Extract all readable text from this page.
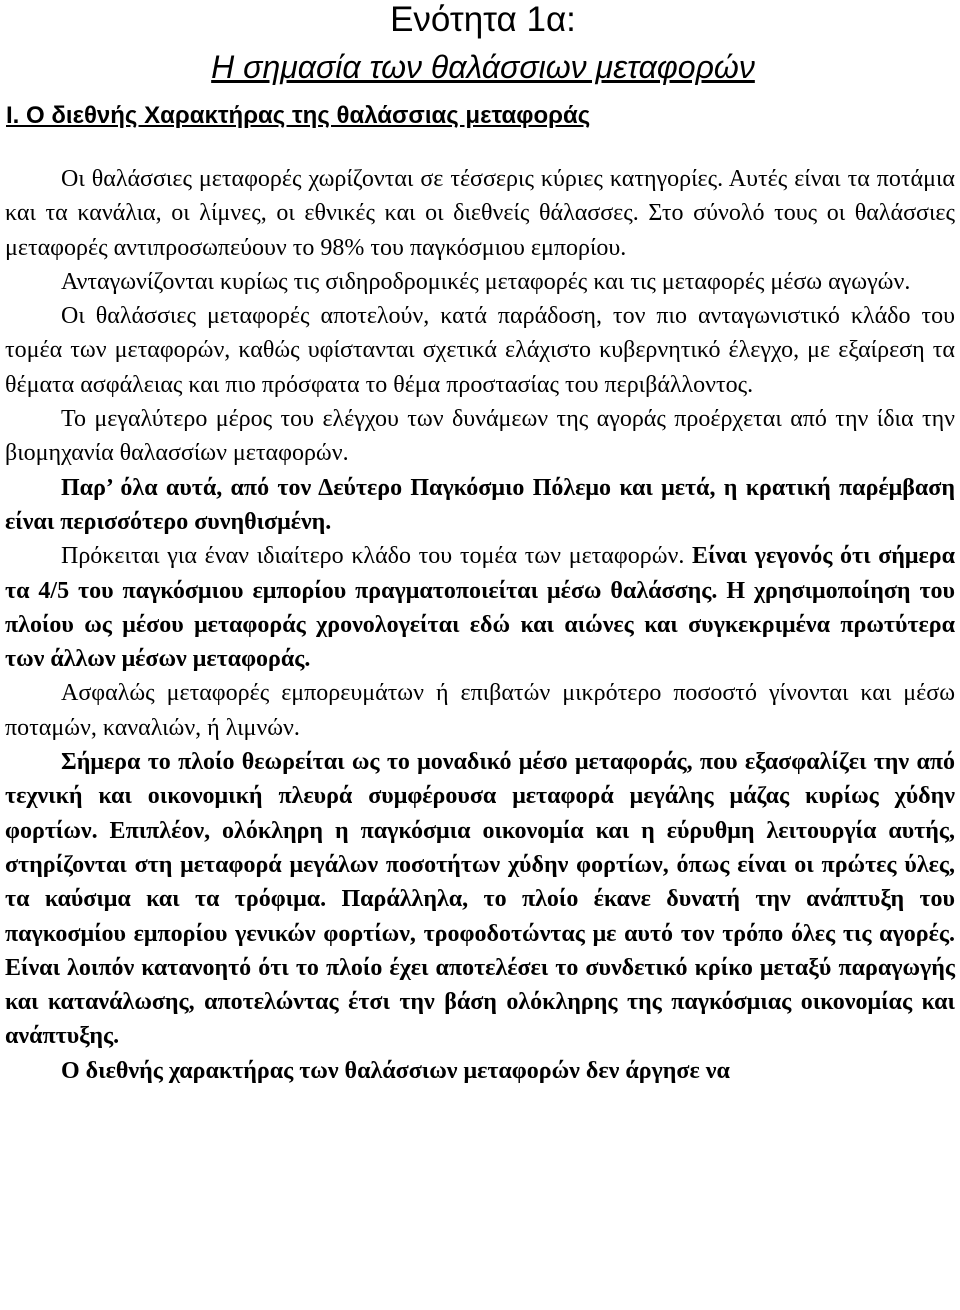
Ενότητα 1α:
Η σημασία των θαλάσσιων μεταφορών
Ι. Ο διεθνής Χαρακτήρας της θαλάσσιας μεταφοράς

Οι θαλάσσιες μεταφορές χωρίζονται σε τέσσερις κύριες κατηγορίες. Αυτές είναι τα ποτάμια και τα κανάλια, οι λίμνες, οι εθνικές και οι διεθνείς θάλασσες. Στο σύνολό τους οι θαλάσσιες μεταφορές αντιπροσωπεύουν το 98% του παγκόσμιου εμπορίου.

Ανταγωνίζονται κυρίως τις σιδηροδρομικές μεταφορές και τις μεταφορές μέσω αγωγών.

Οι θαλάσσιες μεταφορές αποτελούν, κατά παράδοση, τον πιο ανταγωνιστικό κλάδο του τομέα των μεταφορών, καθώς υφίστανται σχετικά ελάχιστο κυβερνητικό έλεγχο, με εξαίρεση τα θέματα ασφάλειας και πιο πρόσφατα το θέμα προστασίας του περιβάλλοντος.

Το μεγαλύτερο μέρος του ελέγχου των δυνάμεων της αγοράς προέρχεται από την ίδια την βιομηχανία θαλασσίων μεταφορών.

Παρ’ όλα αυτά, από τον Δεύτερο Παγκόσμιο Πόλεμο και μετά, η κρατική παρέμβαση είναι περισσότερο συνηθισμένη.

Πρόκειται για έναν ιδιαίτερο κλάδο του τομέα των μεταφορών. Είναι γεγονός ότι σήμερα τα 4/5 του παγκόσμιου εμπορίου πραγματοποιείται μέσω θαλάσσης. Η χρησιμοποίηση του πλοίου ως μέσου μεταφοράς χρονολογείται εδώ και αιώνες και συγκεκριμένα πρωτύτερα των άλλων μέσων μεταφοράς.

Ασφαλώς μεταφορές εμπορευμάτων ή επιβατών μικρότερο ποσοστό γίνονται και μέσω ποταμών, καναλιών, ή λιμνών.

Σήμερα το πλοίο θεωρείται ως το μοναδικό μέσο μεταφοράς, που εξασφαλίζει την από τεχνική και οικονομική πλευρά συμφέρουσα μεταφορά μεγάλης μάζας κυρίως χύδην φορτίων. Επιπλέον, ολόκληρη η παγκόσμια οικονομία και η εύρυθμη λειτουργία αυτής, στηρίζονται στη μεταφορά μεγάλων ποσοτήτων χύδην φορτίων, όπως είναι οι πρώτες ύλες, τα καύσιμα και τα τρόφιμα. Παράλληλα, το πλοίο έκανε δυνατή την ανάπτυξη του παγκοσμίου εμπορίου γενικών φορτίων, τροφοδοτώντας με αυτό τον τρόπο όλες τις αγορές. Είναι λοιπόν κατανοητό ότι το πλοίο έχει αποτελέσει το συνδετικό κρίκο μεταξύ παραγωγής και κατανάλωσης, αποτελώντας έτσι την βάση ολόκληρης της παγκόσμιας οικονομίας και ανάπτυξης.

Ο διεθνής χαρακτήρας των θαλάσσιων μεταφορών δεν άργησε να
